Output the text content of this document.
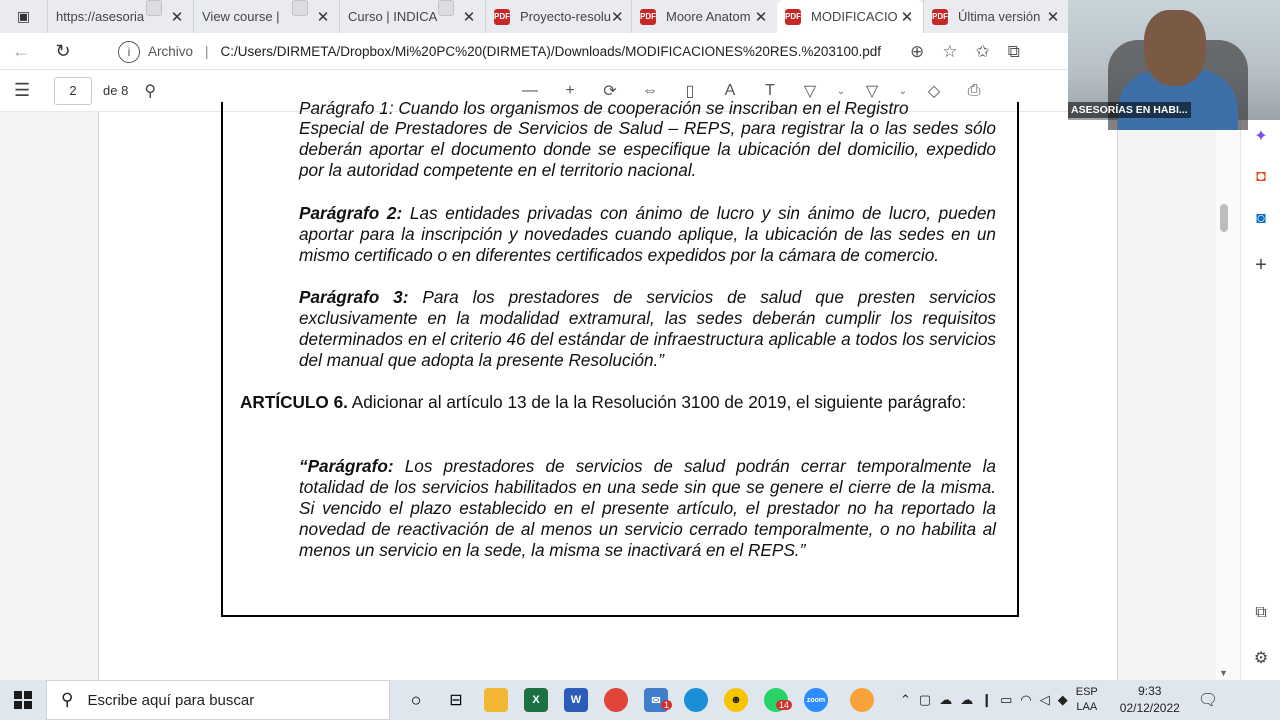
▣	https://asesoria	✕ View course |	✕ Curso | INDICA	✕ PDF Proyecto-resolu ✕ PDF Moore Anatom ✕ PDF MODIFICACIO ✕ PDF Última versión ✕
←	↻	i	Archivo | C:/Users/DIRMETA/Dropbox/Mi%20PC%20(DIRMETA)/Downloads/MODIFICACIONES%20RES.%203100.pdf ⊕ ☆ ✩ ⧉
☰	2	de 8 ⚲	—	+	⟳	⇔	▯	A	T	▽	⌄	▽	⌄	◇	⎙
Parágrafo 1: Cuando los organismos de cooperación se inscriban en el Registro
Especial de Prestadores de Servicios de Salud – REPS, para registrar la o las sedes sólo deberán aportar el documento donde se especifique la ubicación del domicilio, expedido por la autoridad competente en el territorio nacional.
Parágrafo 2: Las entidades privadas con ánimo de lucro y sin ánimo de lucro, pueden aportar para la inscripción y novedades cuando aplique, la ubicación de las sedes en un mismo certificado o en diferentes certificados expedidos por la cámara de comercio.
Parágrafo 3: Para los prestadores de servicios de salud que presten servicios exclusivamente en la modalidad extramural, las sedes deberán cumplir los requisitos determinados en el criterio 46 del estándar de infraestructura aplicable a todos los servicios del manual que adopta la presente Resolución.”
ARTÍCULO 6. Adicionar al artículo 13 de la la Resolución 3100 de 2019, el siguiente parágrafo:
“Parágrafo: Los prestadores de servicios de salud podrán cerrar temporalmente la totalidad de los servicios habilitados en una sede sin que se genere el cierre de la misma. Si vencido el plazo establecido en el presente artículo, el prestador no ha reportado la novedad de reactivación de al menos un servicio cerrado temporalmente, o no habilita al menos un servicio en la sede, la misma se inactivará en el REPS.”
▼
✦
◘
◙
+
⧉
⚙
ASESORÍAS EN HABI...
⚲ Escribe aquí para buscar	○	⊟	X	W	✉ 1	☻	14	zoom	⌃ ▢ ☁ ☁ ❙ ▭ ◠ ◁ ◆ ESP
LAA
9:33
02/12/2022 🗨
